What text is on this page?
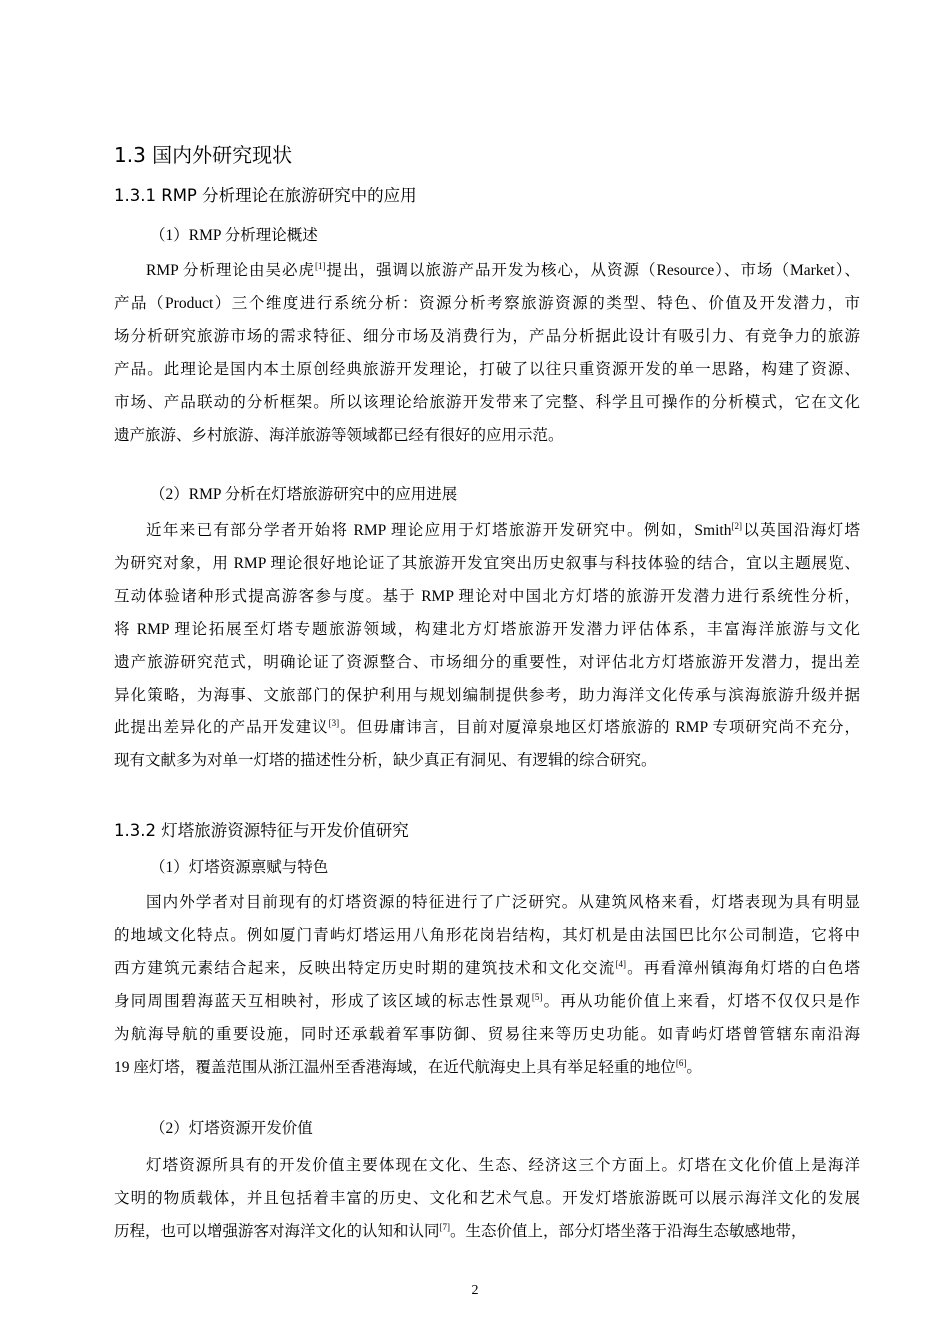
1.3 国内外研究现状
1.3.1 RMP 分析理论在旅游研究中的应用
（1）RMP 分析理论概述

RMP 分析理论由吴必虎[1]提出，强调以旅游产品开发为核心，从资源（Resource）、市场（Market）、
产品（Product）三个维度进行系统分析：资源分析考察旅游资源的类型、特色、价值及开发潜力，市
场分析研究旅游市场的需求特征、细分市场及消费行为，产品分析据此设计有吸引力、有竞争力的旅游
产品。此理论是国内本土原创经典旅游开发理论，打破了以往只重资源开发的单一思路，构建了资源、
市场、产品联动的分析框架。所以该理论给旅游开发带来了完整、科学且可操作的分析模式，它在文化
遗产旅游、乡村旅游、海洋旅游等领域都已经有很好的应用示范。

（2）RMP 分析在灯塔旅游研究中的应用进展

近年来已有部分学者开始将 RMP 理论应用于灯塔旅游开发研究中。例如，Smith[2]以英国沿海灯塔
为研究对象，用 RMP 理论很好地论证了其旅游开发宜突出历史叙事与科技体验的结合，宜以主题展览、
互动体验诸种形式提高游客参与度。基于 RMP 理论对中国北方灯塔的旅游开发潜力进行系统性分析，
将 RMP 理论拓展至灯塔专题旅游领域，构建北方灯塔旅游开发潜力评估体系，丰富海洋旅游与文化
遗产旅游研究范式，明确论证了资源整合、市场细分的重要性，对评估北方灯塔旅游开发潜力，提出差
异化策略，为海事、文旅部门的保护利用与规划编制提供参考，助力海洋文化传承与滨海旅游升级并据
此提出差异化的产品开发建议[3]。但毋庸讳言，目前对厦漳泉地区灯塔旅游的 RMP 专项研究尚不充分，
现有文献多为对单一灯塔的描述性分析，缺少真正有洞见、有逻辑的综合研究。

1.3.2 灯塔旅游资源特征与开发价值研究
（1）灯塔资源禀赋与特色

国内外学者对目前现有的灯塔资源的特征进行了广泛研究。从建筑风格来看，灯塔表现为具有明显
的地域文化特点。例如厦门青屿灯塔运用八角形花岗岩结构，其灯机是由法国巴比尔公司制造，它将中
西方建筑元素结合起来，反映出特定历史时期的建筑技术和文化交流[4]。再看漳州镇海角灯塔的白色塔
身同周围碧海蓝天互相映衬，形成了该区域的标志性景观[5]。再从功能价值上来看，灯塔不仅仅只是作
为航海导航的重要设施，同时还承载着军事防御、贸易往来等历史功能。如青屿灯塔曾管辖东南沿海
19 座灯塔，覆盖范围从浙江温州至香港海域，在近代航海史上具有举足轻重的地位[6]。

（2）灯塔资源开发价值

灯塔资源所具有的开发价值主要体现在文化、生态、经济这三个方面上。灯塔在文化价值上是海洋
文明的物质载体，并且包括着丰富的历史、文化和艺术气息。开发灯塔旅游既可以展示海洋文化的发展
历程，也可以增强游客对海洋文化的认知和认同[7]。生态价值上，部分灯塔坐落于沿海生态敏感地带，

2
